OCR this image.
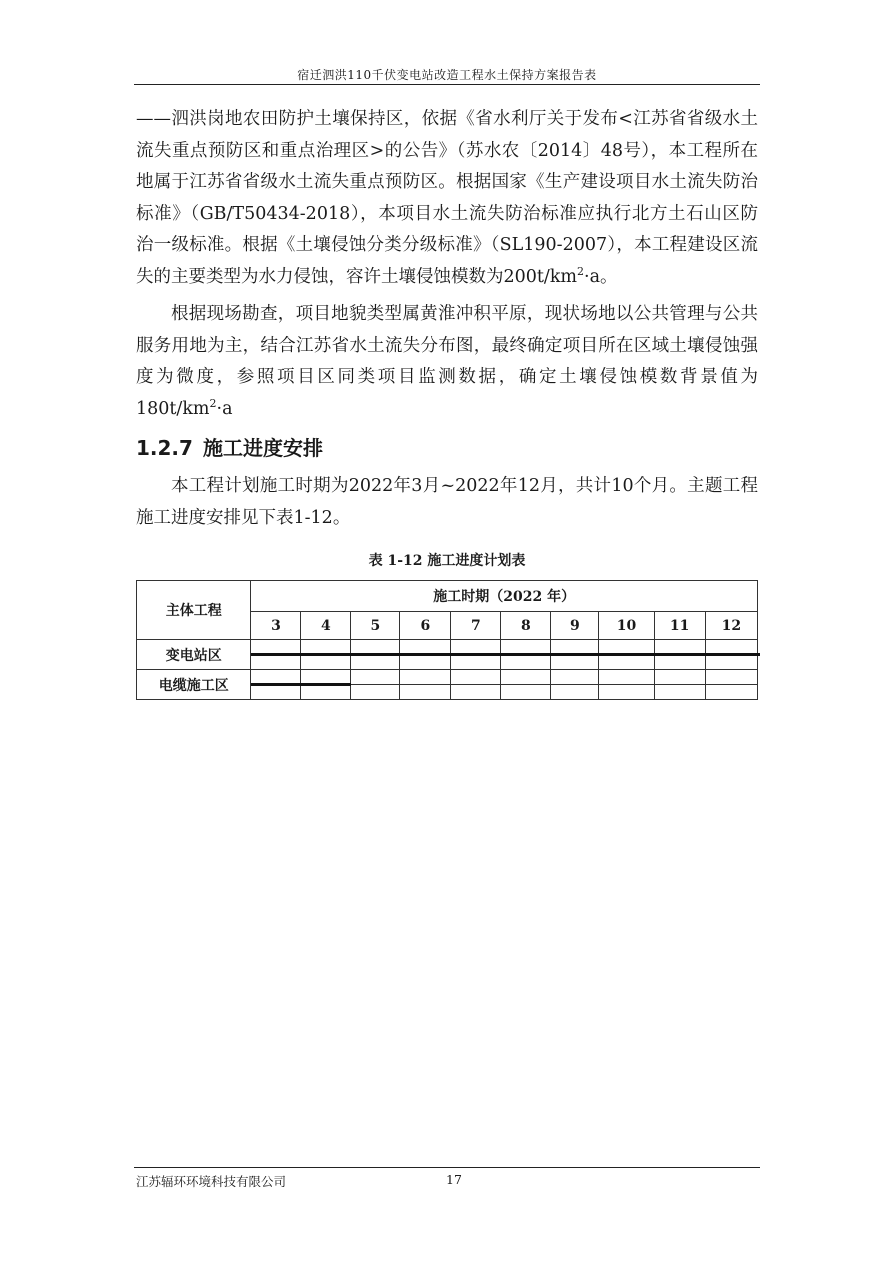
宿迁泗洪110千伏变电站改造工程水土保持方案报告表

——泗洪岗地农田防护土壤保持区，依据《省水利厅关于发布<江苏省省级水土流失重点预防区和重点治理区>的公告》（苏水农〔2014〕48号），本工程所在地属于江苏省省级水土流失重点预防区。根据国家《生产建设项目水土流失防治标准》（GB/T50434-2018），本项目水土流失防治标准应执行北方土石山区防治一级标准。根据《土壤侵蚀分类分级标准》（SL190-2007），本工程建设区流失的主要类型为水力侵蚀，容许土壤侵蚀模数为$200t/km^2\cdot a$。

根据现场勘查，项目地貌类型属黄淮冲积平原，现状场地以公共管理与公共服务用地为主，结合江苏省水土流失分布图，最终确定项目所在区域土壤侵蚀强度为微度，参照项目区同类项目监测数据，确定土壤侵蚀模数背景值为$180t/km^2\cdot a$

1.2.7 施工进度安排

本工程计划施工时期为2022年3月~2022年12月，共计10个月。主题工程施工进度安排见下表1-12。

表 1-12 施工进度计划表
主体工程	施工时期（2022 年）									
	3	4	5	6	7	8	9	10	11	12
变电站区										

电缆施工区										

江苏辐环环境科技有限公司	17
